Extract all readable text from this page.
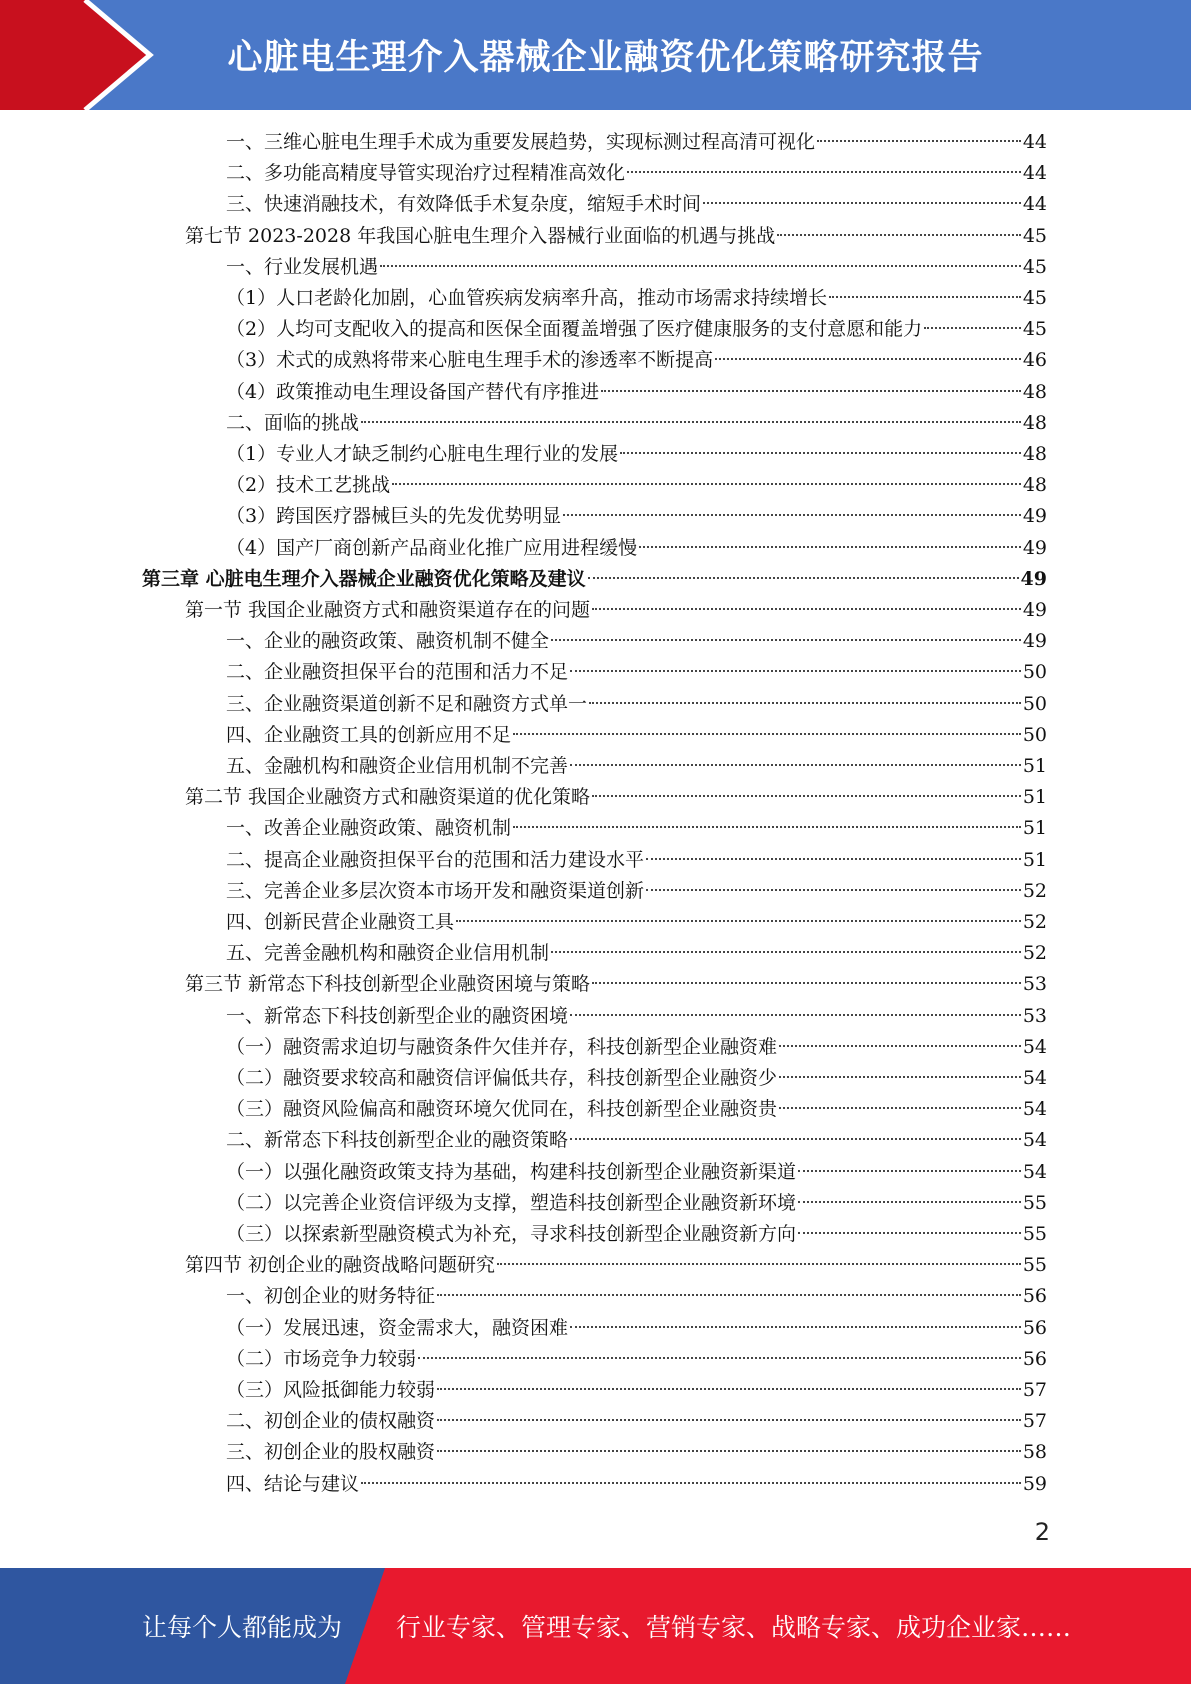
心脏电生理介入器械企业融资优化策略研究报告
一、三维心脏电生理手术成为重要发展趋势，实现标测过程高清可视化	44
二、多功能高精度导管实现治疗过程精准高效化	44
三、快速消融技术，有效降低手术复杂度，缩短手术时间	44
第七节 2023-2028 年我国心脏电生理介入器械行业面临的机遇与挑战	45
一、行业发展机遇	45
（1）人口老龄化加剧，心血管疾病发病率升高，推动市场需求持续增长	45
（2）人均可支配收入的提高和医保全面覆盖增强了医疗健康服务的支付意愿和能力	45
（3）术式的成熟将带来心脏电生理手术的渗透率不断提高	46
（4）政策推动电生理设备国产替代有序推进	48
二、面临的挑战	48
（1）专业人才缺乏制约心脏电生理行业的发展	48
（2）技术工艺挑战	48
（3）跨国医疗器械巨头的先发优势明显	49
（4）国产厂商创新产品商业化推广应用进程缓慢	49
第三章 心脏电生理介入器械企业融资优化策略及建议	49
第一节 我国企业融资方式和融资渠道存在的问题	49
一、企业的融资政策、融资机制不健全	49
二、企业融资担保平台的范围和活力不足	50
三、企业融资渠道创新不足和融资方式单一	50
四、企业融资工具的创新应用不足	50
五、金融机构和融资企业信用机制不完善	51
第二节 我国企业融资方式和融资渠道的优化策略	51
一、改善企业融资政策、融资机制	51
二、提高企业融资担保平台的范围和活力建设水平	51
三、完善企业多层次资本市场开发和融资渠道创新	52
四、创新民营企业融资工具	52
五、完善金融机构和融资企业信用机制	52
第三节 新常态下科技创新型企业融资困境与策略	53
一、新常态下科技创新型企业的融资困境	53
（一）融资需求迫切与融资条件欠佳并存，科技创新型企业融资难	54
（二）融资要求较高和融资信评偏低共存，科技创新型企业融资少	54
（三）融资风险偏高和融资环境欠优同在，科技创新型企业融资贵	54
二、新常态下科技创新型企业的融资策略	54
（一）以强化融资政策支持为基础，构建科技创新型企业融资新渠道	54
（二）以完善企业资信评级为支撑，塑造科技创新型企业融资新环境	55
（三）以探索新型融资模式为补充，寻求科技创新型企业融资新方向	55
第四节 初创企业的融资战略问题研究	55
一、初创企业的财务特征	56
（一）发展迅速，资金需求大，融资困难	56
（二）市场竞争力较弱	56
（三）风险抵御能力较弱	57
二、初创企业的债权融资	57
三、初创企业的股权融资	58
四、结论与建议	59
2
让每个人都能成为 行业专家、管理专家、营销专家、战略专家、成功企业家……
